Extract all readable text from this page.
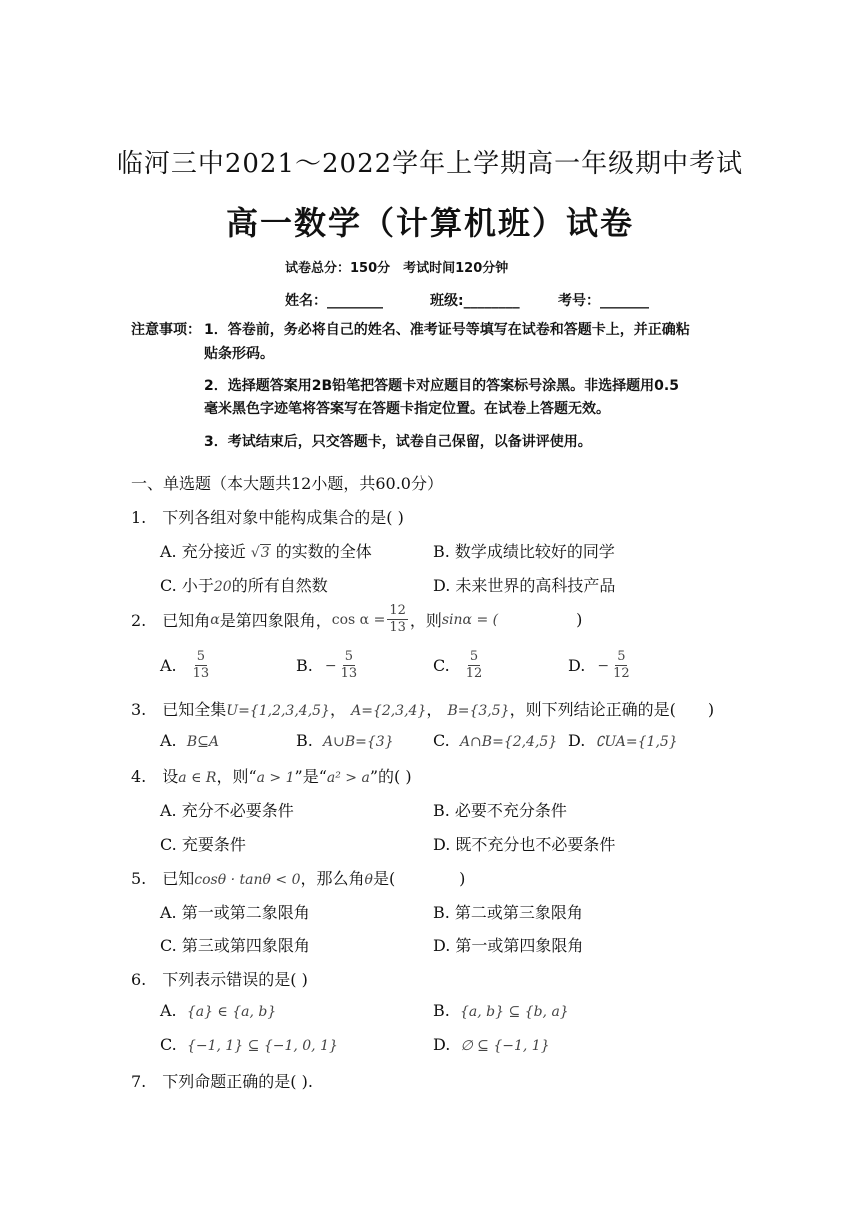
临河三中2021～2022学年上学期高一年级期中考试
高一数学（计算机班）试卷
试卷总分：150分　考试时间120分钟
姓名：________	班级:________	考号：_______
注意事项： 1．答卷前，务必将自己的姓名、准考证号等填写在试卷和答题卡上，并正确粘
贴条形码。
2．选择题答案用2B铅笔把答题卡对应题目的答案标号涂黑。非选择题用0.5
毫米黑色字迹笔将答案写在答题卡指定位置。在试卷上答题无效。
3．考试结束后，只交答题卡，试卷自己保留，以备讲评使用。
一、单选题（本大题共12小题，共60.0分）
1.　下列各组对象中能构成集合的是( )
A. 充分接近 √3 的实数的全体	B. 数学成绩比较好的同学
C. 小于20的所有自然数	D. 未来世界的高科技产品
2.　已知角 α 是第四象限角， $\cos \alpha = \frac{12}{13}$ ，则 sinα = (	)
A. $\frac{5}{13}$	B. − $\frac{5}{13}$	C. $\frac{5}{12}$	D. − $\frac{5}{12}$
3.　已知全集U={1,2,3,4,5}， A={2,3,4}， B={3,5}，则下列结论正确的是(　　)
A. B⊆A	B. A∪B={3} C. A∩B={2,4,5} D. ∁UA={1,5}
4.　设a ∈ R，则“a > 1”是“a² > a”的( )
A. 充分不必要条件	B. 必要不充分条件
C. 充要条件	D. 既不充分也不必要条件
5.　已知cosθ · tanθ < 0，那么角θ是(　　　　)
A. 第一或第二象限角	B. 第二或第三象限角
C. 第三或第四象限角	D. 第一或第四象限角
6.　下列表示错误的是( )
A. {a} ∈ {a, b}	B. {a, b} ⊆ {b, a}
C. {−1, 1} ⊆ {−1, 0, 1}	D. ∅ ⊆ {−1, 1}
7.　下列命题正确的是( ).
